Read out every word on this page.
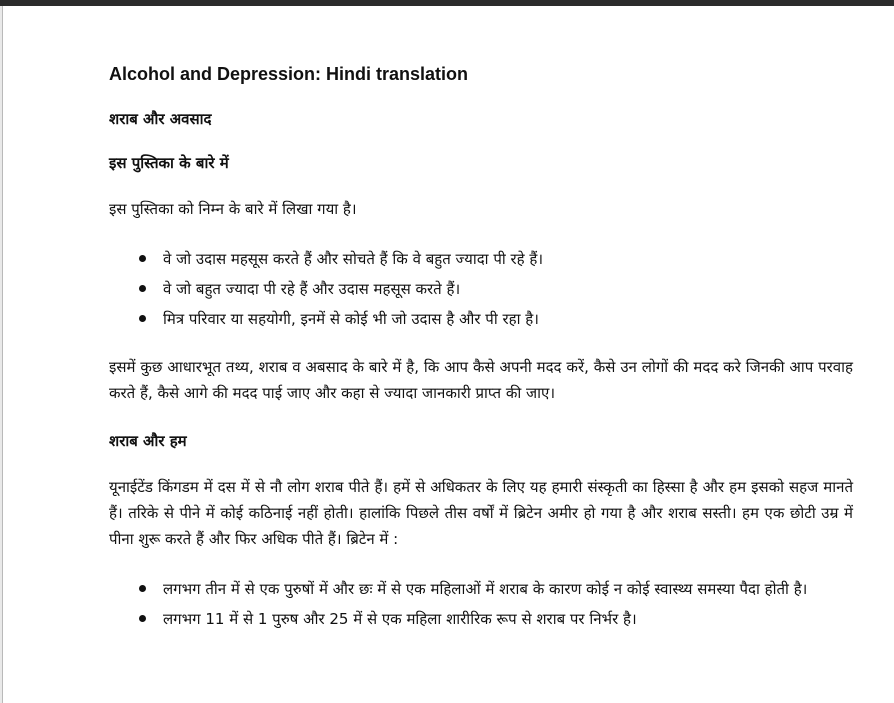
Alcohol and Depression: Hindi translation
शराब और अवसाद
इस पुस्तिका के बारे में

इस पुस्तिका को निम्न के बारे में लिखा गया है।

वे जो उदास महसूस करते हैं और सोचते हैं कि वे बहुत ज्यादा पी रहे हैं।
वे जो बहुत ज्यादा पी रहे हैं और उदास महसूस करते हैं।
मित्र परिवार या सहयोगी, इनमें से कोई भी जो उदास है और पी रहा है।

इसमें कुछ आधारभूत तथ्य, शराब व अबसाद के बारे में है, कि आप कैसे अपनी मदद करें, कैसे उन लोगों की मदद करे जिनकी आप परवाह करते हैं, कैसे आगे की मदद पाई जाए और कहा से ज्यादा जानकारी प्राप्त की जाए।

शराब और हम

यूनाईटेंड किंगडम में दस में से नौ लोग शराब पीते हैं। हमें से अधिकतर के लिए यह हमारी संस्कृती का हिस्सा है और हम इसको सहज मानते हैं। तरिके से पीने में कोई कठिनाई नहीं होती। हालांकि पिछले तीस वर्षों में ब्रिटेन अमीर हो गया है और शराब सस्ती। हम एक छोटी उम्र में पीना शुरू करते हैं और फिर अधिक पीते हैं। ब्रिटेन में :

लगभग तीन में से एक पुरुषों में और छः में से एक महिलाओं में शराब के कारण कोई न कोई स्वास्थ्य समस्या पैदा होती है।
लगभग 11 में से 1 पुरुष और 25 में से एक महिला शारीरिक रूप से शराब पर निर्भर है।
